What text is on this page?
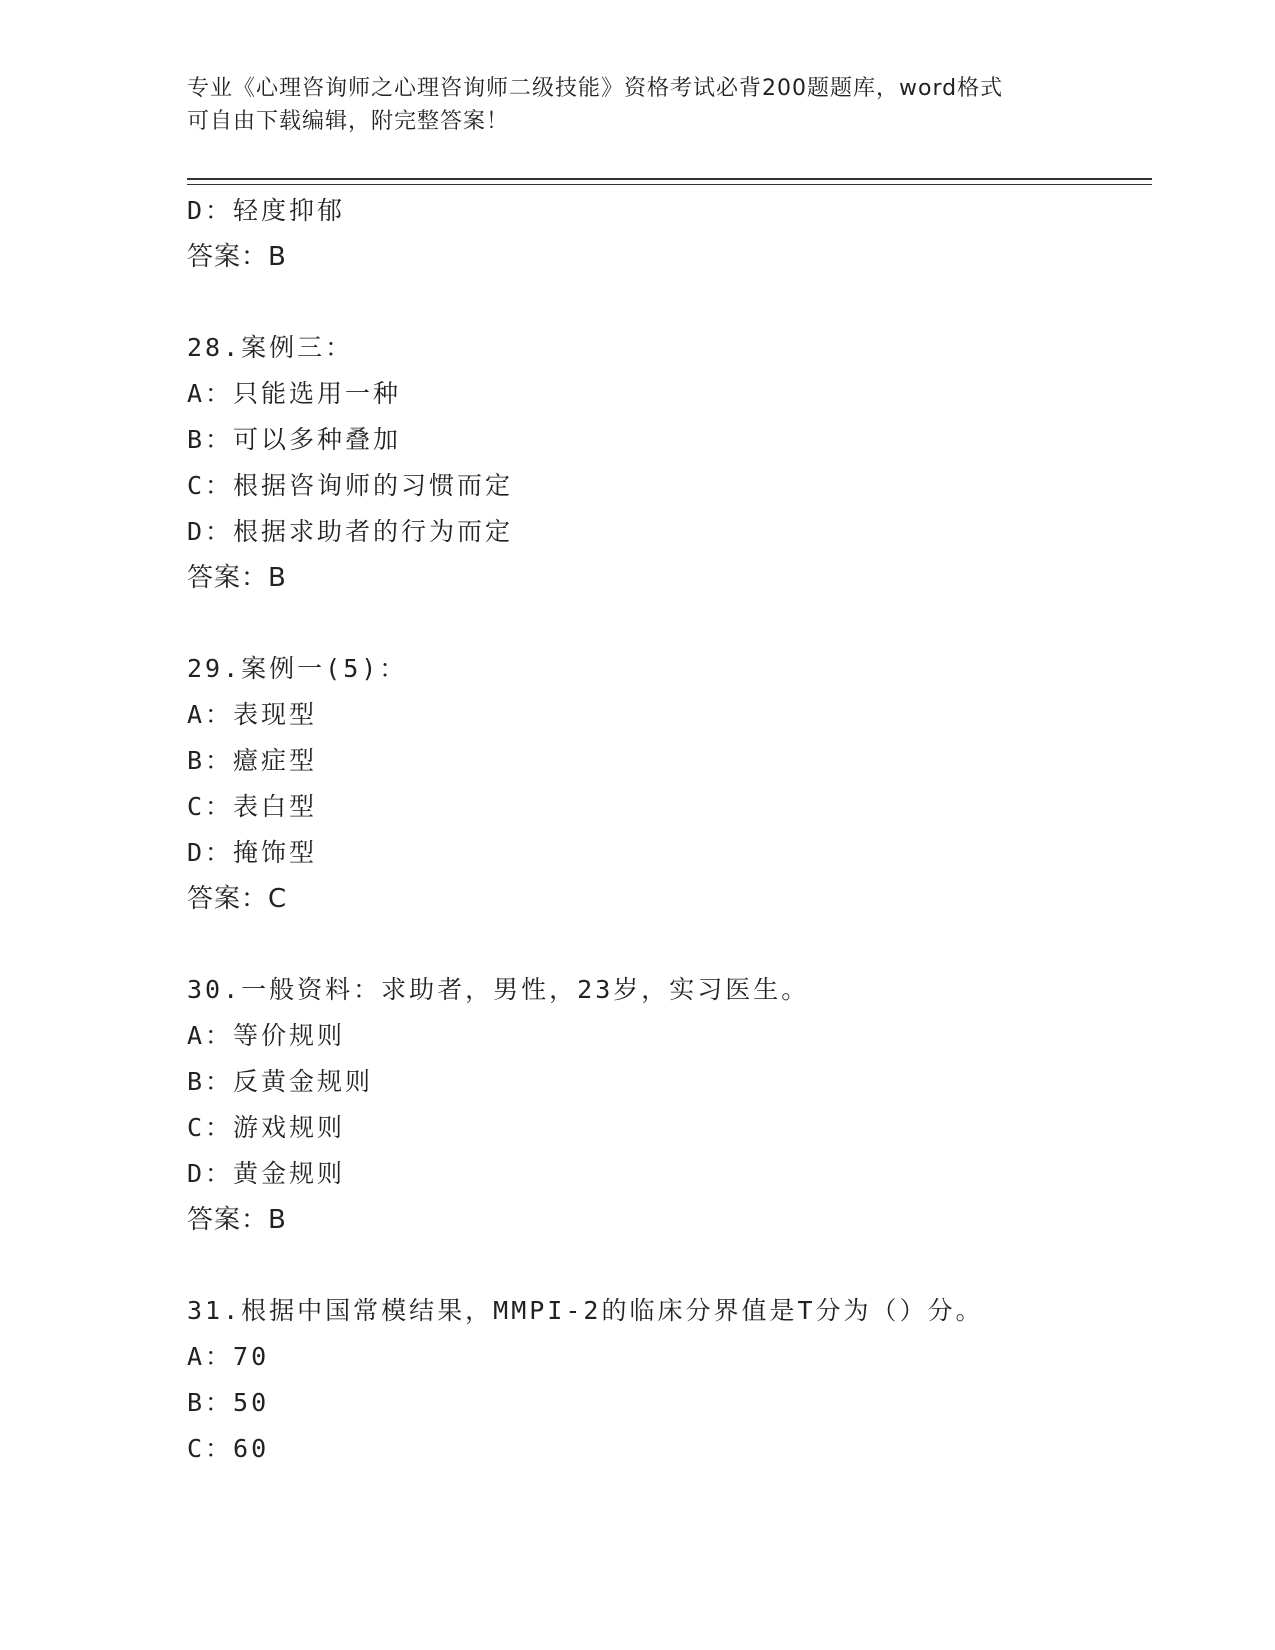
专业《心理咨询师之心理咨询师二级技能》资格考试必背200题题库，word格式
可自由下载编辑，附完整答案！
D：轻度抑郁
答案：B
28.案例三：
A：只能选用一种
B：可以多种叠加
C：根据咨询师的习惯而定
D：根据求助者的行为而定
答案：B
29.案例一(5)：
A：表现型
B：癔症型
C：表白型
D：掩饰型
答案：C
30.一般资料：求助者，男性，23岁，实习医生。
A：等价规则
B：反黄金规则
C：游戏规则
D：黄金规则
答案：B
31.根据中国常模结果，MMPI-2的临床分界值是T分为（）分。
A：70
B：50
C：60
